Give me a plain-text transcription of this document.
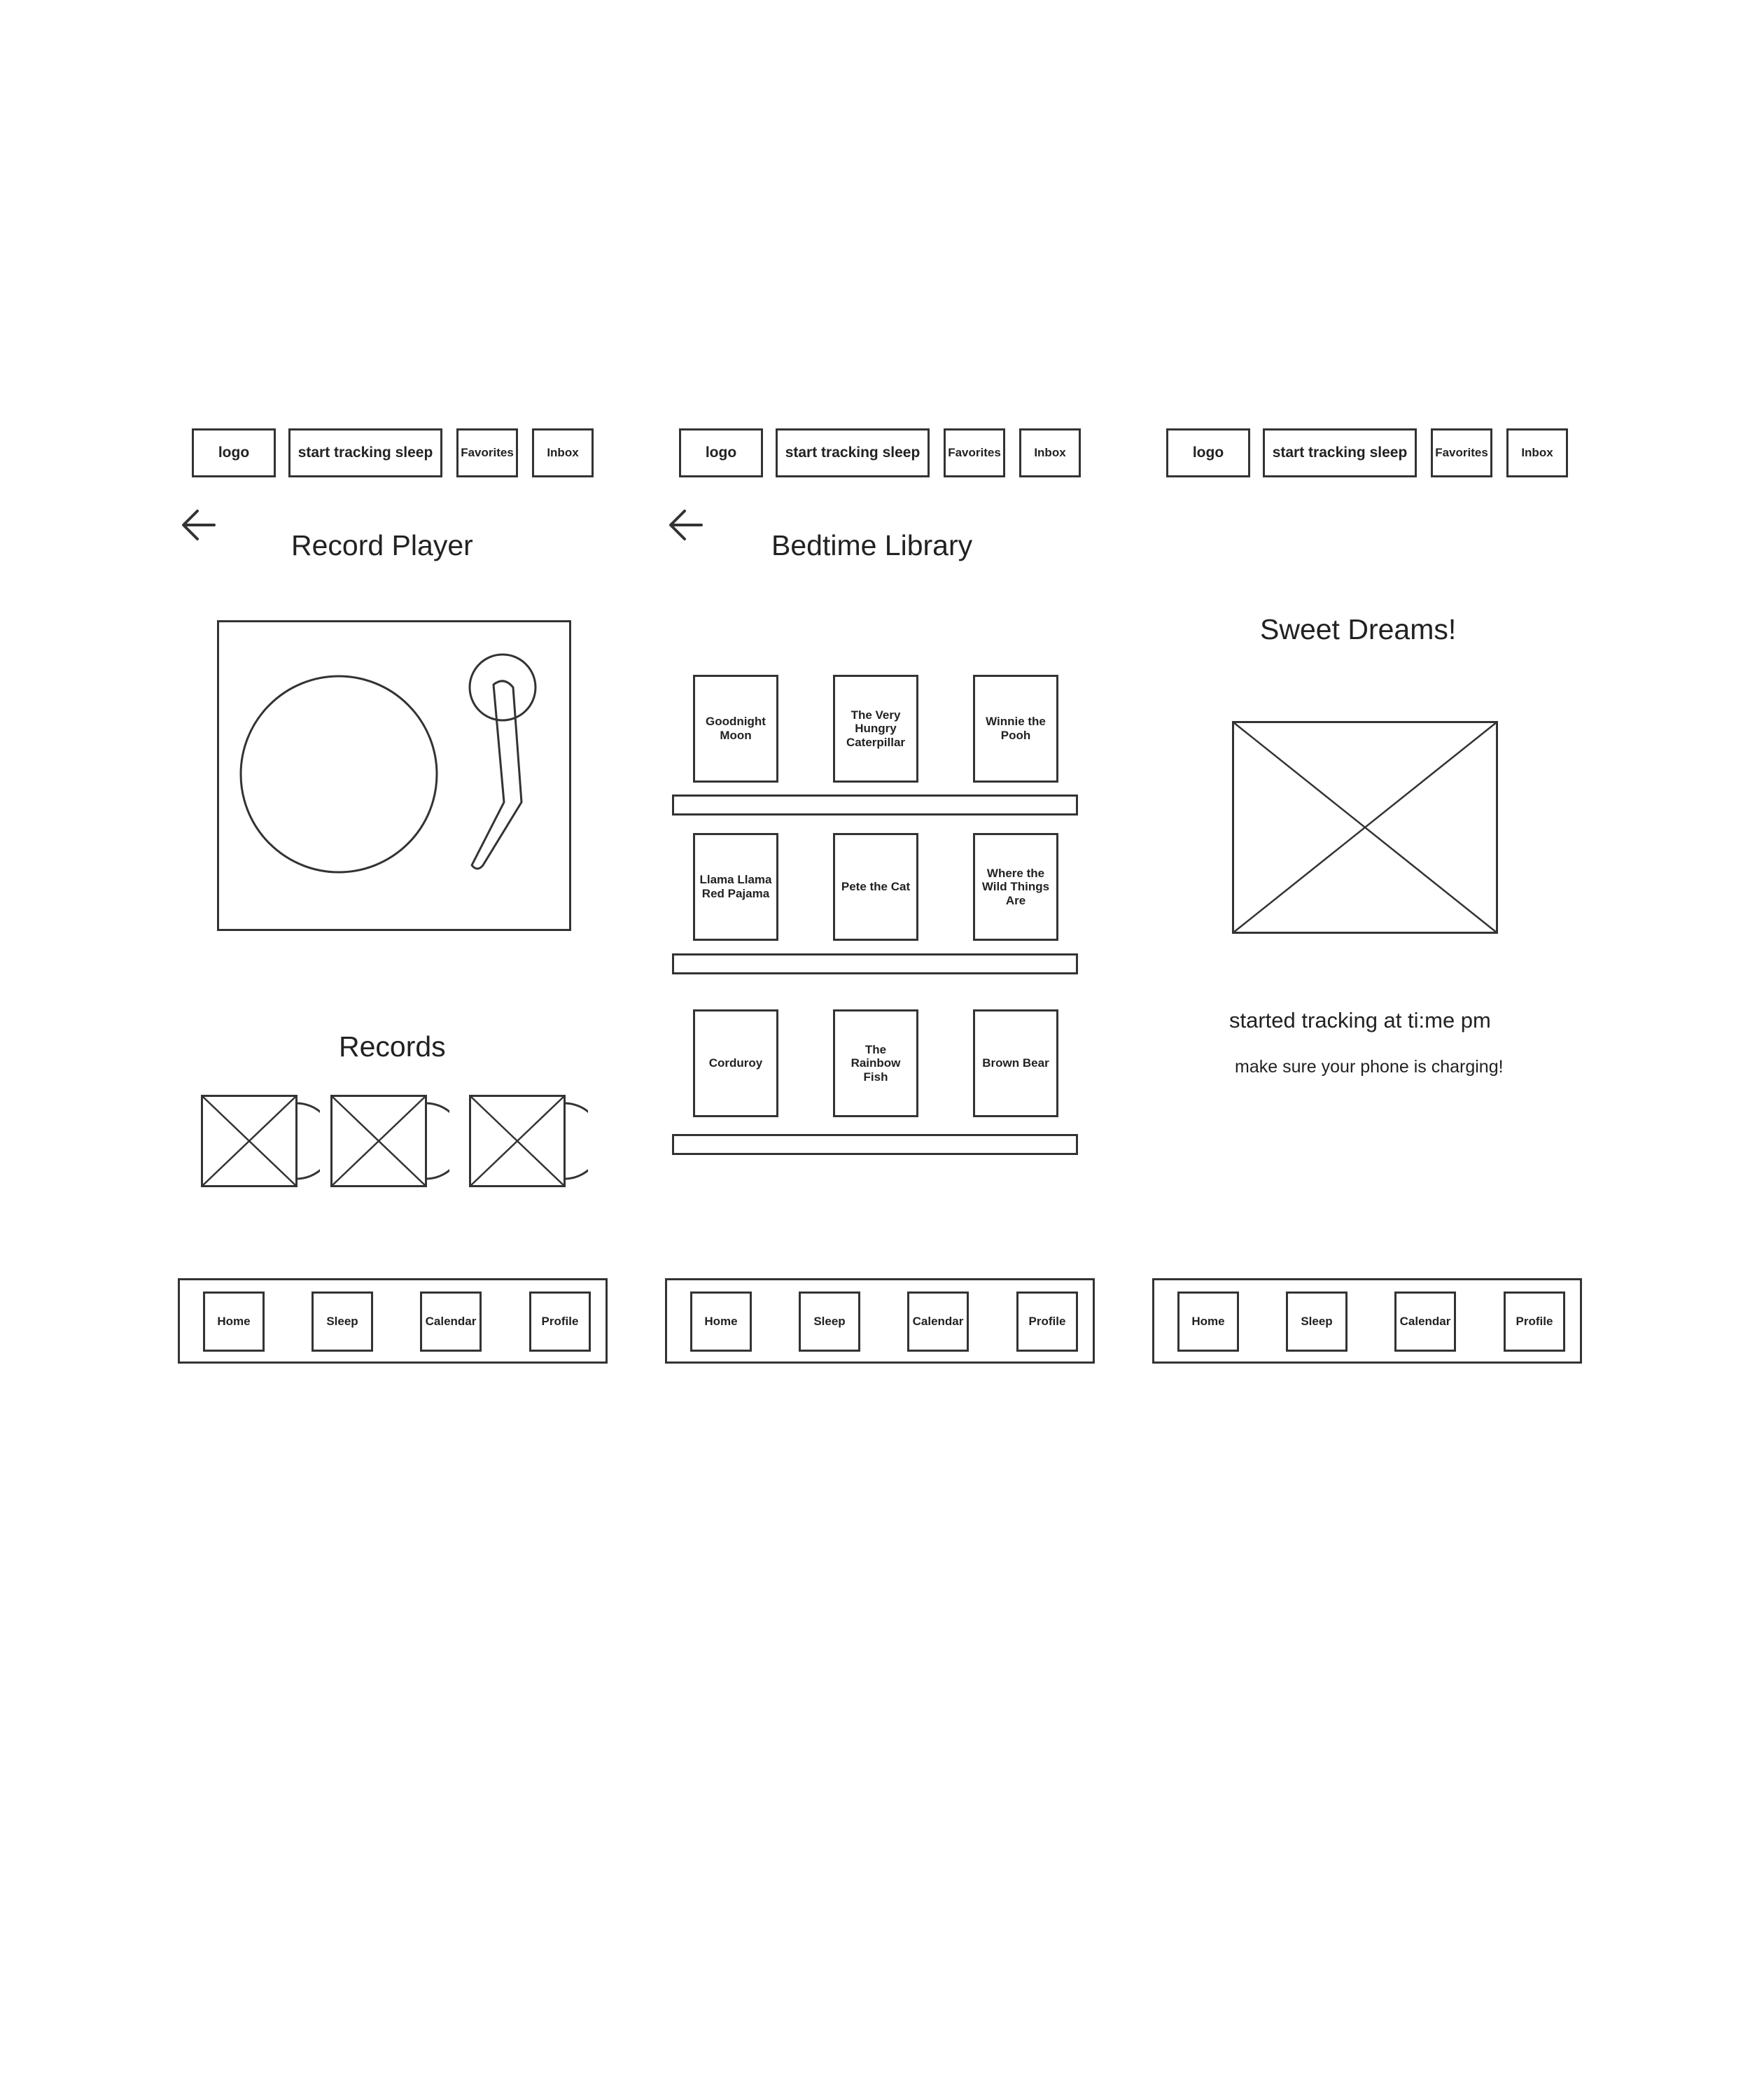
logo	start tracking sleep	Favorites	Inbox
Record Player
Records
Home	Sleep	Calendar	Profile
logo	start tracking sleep	Favorites	Inbox
Bedtime Library
Goodnight Moon
The Very Hungry Caterpillar
Winnie the Pooh
Llama Llama Red Pajama
Pete the Cat
Where the Wild Things Are
Corduroy
The Rainbow Fish
Brown Bear
Home	Sleep	Calendar	Profile
logo	start tracking sleep	Favorites	Inbox
Sweet Dreams!
started tracking at ti:me pm
make sure your phone is charging!
Home	Sleep	Calendar	Profile
